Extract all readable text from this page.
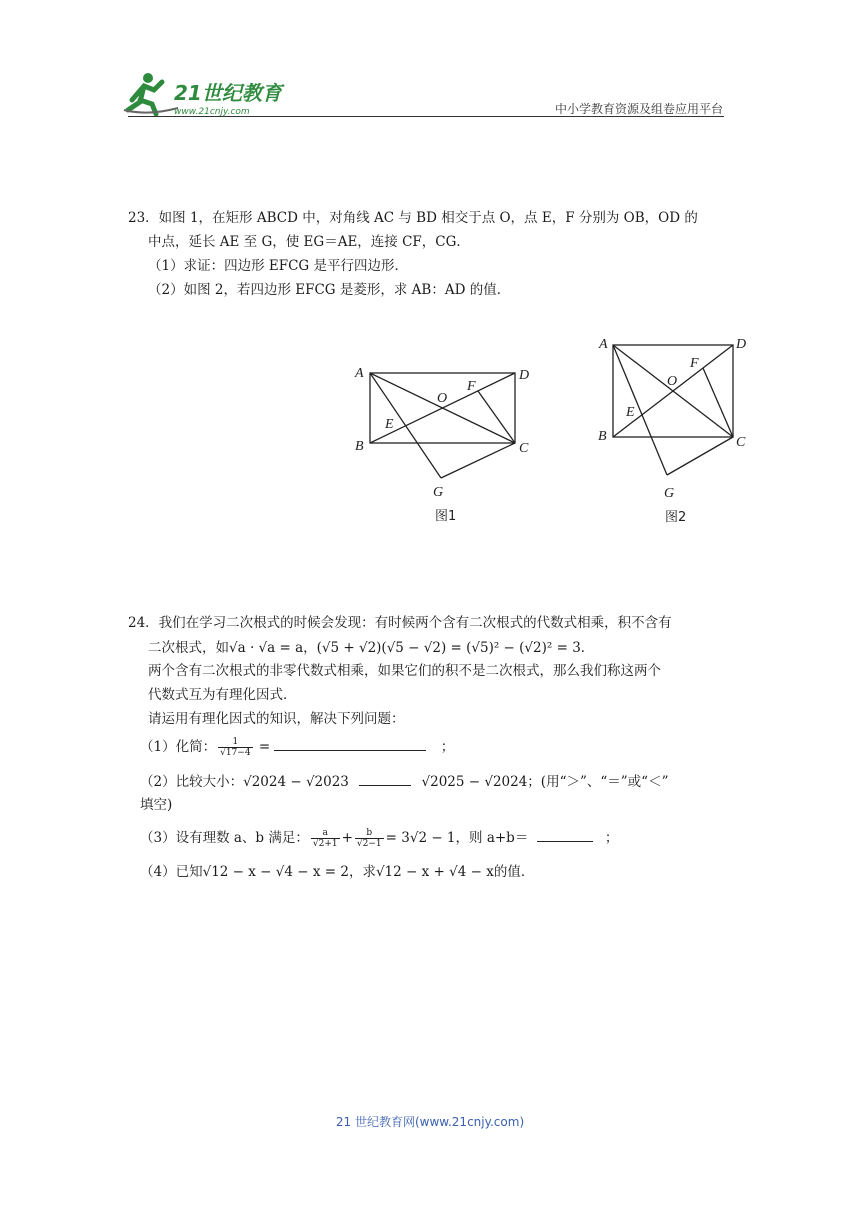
21世纪教育
www.21cnjy.com	中小学教育资源及组卷应用平台
23．如图 1，在矩形 ABCD 中，对角线 AC 与 BD 相交于点 O，点 E，F 分别为 OB，OD 的
中点，延长 AE 至 G，使 EG＝AE，连接 CF，CG．
（1）求证：四边形 EFCG 是平行四边形．
（2）如图 2，若四边形 EFCG 是菱形，求 AB：AD 的值．
A
B	C
D
O
E
F
G
图1
A
B	C
D
O
E
F
G
图2
24．我们在学习二次根式的时候会发现：有时候两个含有二次根式的代数式相乘，积不含有
二次根式，如√a · √a = a，(√5 + √2)(√5 − √2) = (√5)² − (√2)² = 3．
两个含有二次根式的非零代数式相乘，如果它们的积不是二次根式，那么我们称这两个
代数式互为有理化因式．
请运用有理化因式的知识，解决下列问题：
（1）化简： $\frac{1}{√17-4}$ =	；
（2）比较大小：√2024 − √2023	√2025 − √2024；(用“＞”、“＝”或“＜”
填空)
（3）设有理数 a、b 满足： $\frac{a}{√2+1} + \frac{b}{√2-1} = 3√2 - 1$，则 a+b＝	；
（4）已知√12 − x − √4 − x = 2，求√12 − x + √4 − x的值．
21 世纪教育网(www.21cnjy.com)
